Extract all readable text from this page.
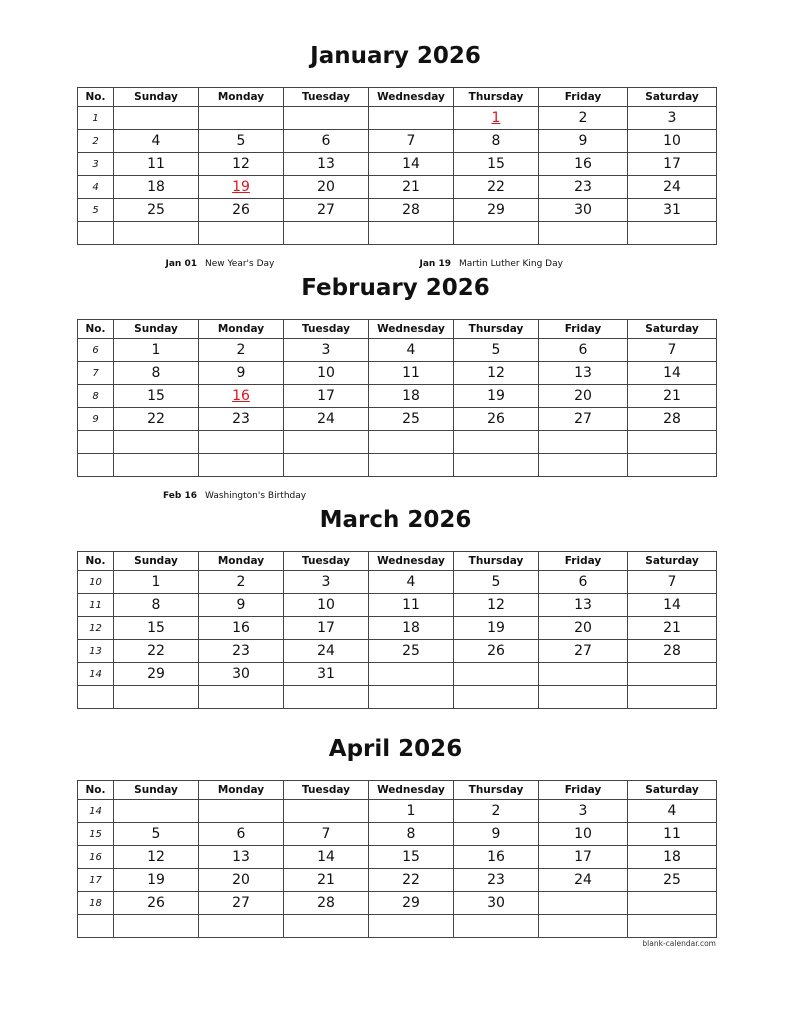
January 2026
No.	Sunday	Monday	Tuesday	Wednesday	Thursday	Friday	Saturday
1					1	2	3
2	4	5	6	7	8	9	10
3	11	12	13	14	15	16	17
4	18	19	20	21	22	23	24
5	25	26	27	28	29	30	31

Jan 01 New Year's Day	Jan 19 Martin Luther King Day
February 2026
No.	Sunday	Monday	Tuesday	Wednesday	Thursday	Friday	Saturday
6	1	2	3	4	5	6	7
7	8	9	10	11	12	13	14
8	15	16	17	18	19	20	21
9	22	23	24	25	26	27	28

Feb 16 Washington's Birthday
March 2026
No.	Sunday	Monday	Tuesday	Wednesday	Thursday	Friday	Saturday
10	1	2	3	4	5	6	7
11	8	9	10	11	12	13	14
12	15	16	17	18	19	20	21
13	22	23	24	25	26	27	28
14	29	30	31				

April 2026
No.	Sunday	Monday	Tuesday	Wednesday	Thursday	Friday	Saturday
14				1	2	3	4
15	5	6	7	8	9	10	11
16	12	13	14	15	16	17	18
17	19	20	21	22	23	24	25
18	26	27	28	29	30		

blank-calendar.com
